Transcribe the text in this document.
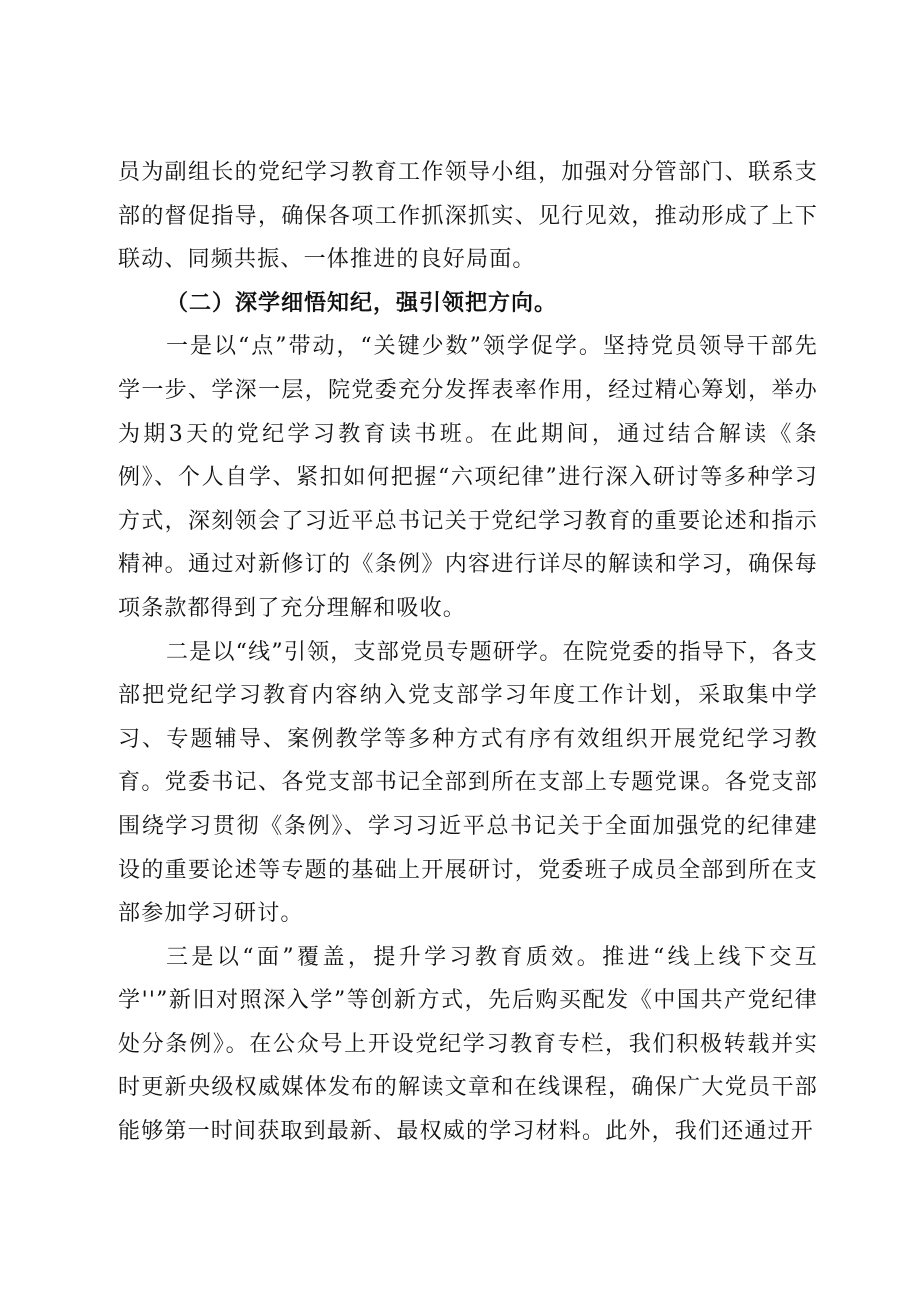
员为副组长的党纪学习教育工作领导小组，加强对分管部门、联系支部的督促指导，确保各项工作抓深抓实、见行见效，推动形成了上下联动、同频共振、一体推进的良好局面。

（二）深学细悟知纪，强引领把方向。

一是以“点”带动，“关键少数”领学促学。坚持党员领导干部先学一步、学深一层，院党委充分发挥表率作用，经过精心筹划，举办为期3天的党纪学习教育读书班。在此期间，通过结合解读《条例》、个人自学、紧扣如何把握“六项纪律”进行深入研讨等多种学习方式，深刻领会了习近平总书记关于党纪学习教育的重要论述和指示精神。通过对新修订的《条例》内容进行详尽的解读和学习，确保每项条款都得到了充分理解和吸收。

二是以“线”引领，支部党员专题研学。在院党委的指导下，各支部把党纪学习教育内容纳入党支部学习年度工作计划，采取集中学习、专题辅导、案例教学等多种方式有序有效组织开展党纪学习教育。党委书记、各党支部书记全部到所在支部上专题党课。各党支部围绕学习贯彻《条例》、学习习近平总书记关于全面加强党的纪律建设的重要论述等专题的基础上开展研讨，党委班子成员全部到所在支部参加学习研讨。

三是以“面”覆盖，提升学习教育质效。推进“线上线下交互学''”新旧对照深入学”等创新方式，先后购买配发《中国共产党纪律处分条例》。在公众号上开设党纪学习教育专栏，我们积极转载并实时更新央级权威媒体发布的解读文章和在线课程，确保广大党员干部能够第一时间获取到最新、最权威的学习材料。此外，我们还通过开
